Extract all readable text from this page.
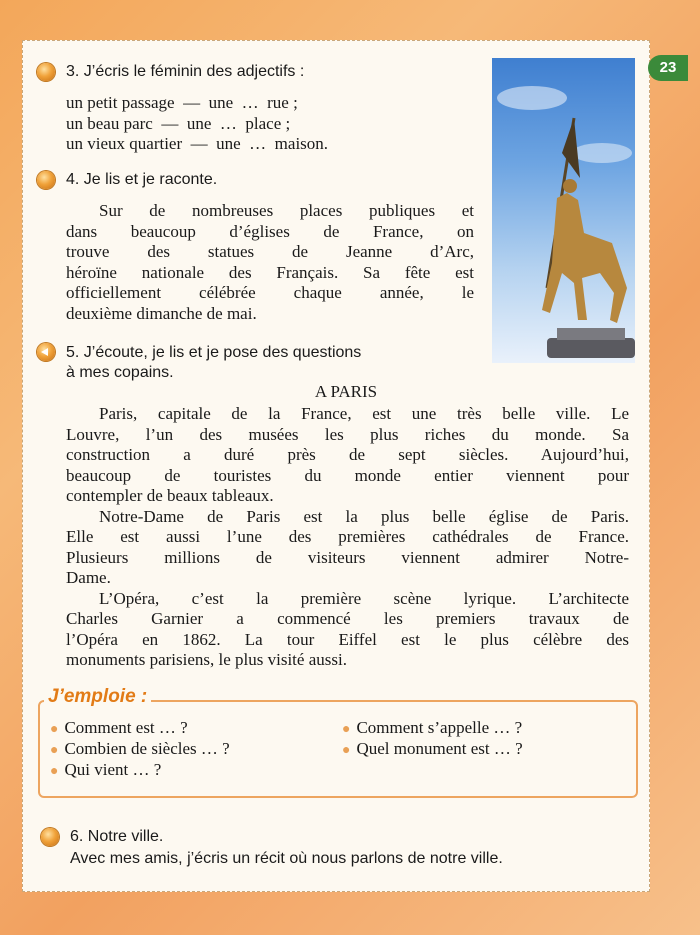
23
3. J’écris le féminin des adjectifs :
un petit passage  —  une  …  rue ;
un beau parc  —  une  …  place ;
un vieux quartier  —  une  …  maison.
4. Je lis et je raconte.
Sur de nombreuses places publiques et
dans beaucoup d’églises de France, on
trouve des statues de Jeanne d’Arc,
héroïne nationale des Français. Sa fête est
officiellement célébrée chaque année, le
deuxième dimanche de mai.
5. J’écoute, je lis et je pose des questions
à mes copains.
A PARIS
Paris, capitale de la France, est une très belle ville. Le
Louvre, l’un des musées les plus riches du monde. Sa
construction a duré près de sept siècles. Aujourd’hui,
beaucoup de touristes du monde entier viennent pour
contempler de beaux tableaux.
Notre-Dame de Paris est la plus belle église de Paris.
Elle est aussi l’une des premières cathédrales de France.
Plusieurs millions de visiteurs viennent admirer Notre-
Dame.
L’Opéra, c’est la première scène lyrique. L’architecte
Charles Garnier a commencé les premiers travaux de
l’Opéra en 1862. La tour Eiffel est le plus célèbre des
monuments parisiens, le plus visité aussi.
J’emploie :
● Comment est … ?
● Combien de siècles … ?
● Qui vient … ?
● Comment s’appelle … ?
● Quel monument est … ?
6. Notre ville.
Avec mes amis, j’écris un récit où nous parlons de notre ville.
